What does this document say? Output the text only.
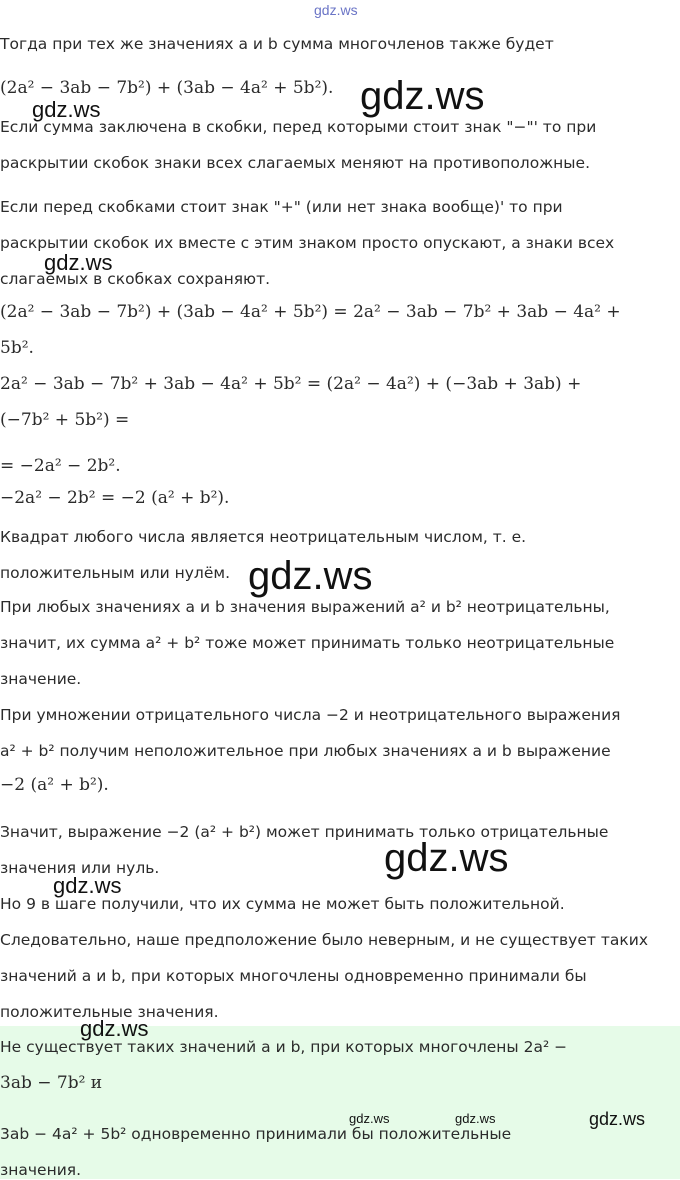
gdz.ws
Тогда при тех же значениях a и b сумма многочленов также будет
(2a² − 3ab − 7b²) + (3ab − 4a² + 5b²). gdz.ws
gdz.ws
Если сумма заключена в скобки, перед которыми стоит знак "−"' то при
раскрытии скобок знаки всех слагаемых меняют на противоположные.
Если перед скобками стоит знак "+" (или нет знака вообще)' то при
раскрытии скобок их вместе с этим знаком просто опускают, а знаки всех
gdz.ws
слагаемых в скобках сохраняют.
(2a² − 3ab − 7b²) + (3ab − 4a² + 5b²) = 2a² − 3ab − 7b² + 3ab − 4a² +
5b².
2a² − 3ab − 7b² + 3ab − 4a² + 5b² = (2a² − 4a²) + (−3ab + 3ab) +
(−7b² + 5b²) =
= −2a² − 2b².
−2a² − 2b² = −2 (a² + b²).
Квадрат любого числа является неотрицательным числом, т. е.
положительным или нулём. gdz.ws
При любых значениях a и b значения выражений a² и b² неотрицательны,
значит, их сумма a² + b² тоже может принимать только неотрицательные
значение.
При умножении отрицательного числа −2 и неотрицательного выражения
a² + b² получим неположительное при любых значениях a и b выражение
−2 (a² + b²).
Значит, выражение −2 (a² + b²) может принимать только отрицательные
значения или нуль.	gdz.ws
gdz.ws
Но 9 в шаге получили, что их сумма не может быть положительной.
Следовательно, наше предположение было неверным, и не существует таких
значений a и b, при которых многочлены одновременно принимали бы
положительные значения.
gdz.ws
Не существует таких значений a и b, при которых многочлены 2a² −
3ab − 7b² и
3ab − 4a² + 5b² одновременно принимали бы положительные
значения.
gdz.ws	gdz.ws	gdz.ws
